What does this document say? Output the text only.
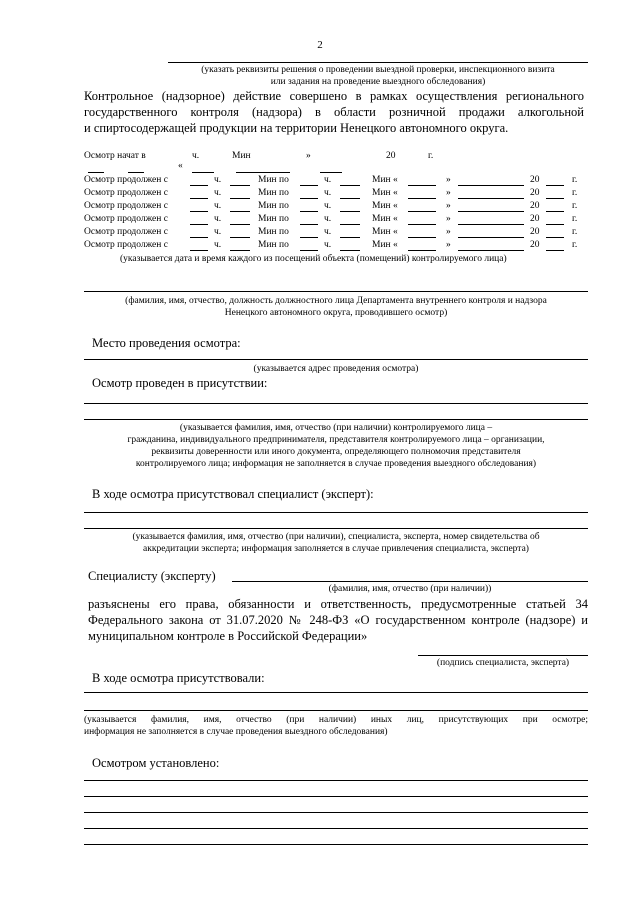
2
(указать реквизиты решения о проведении выездной проверки, инспекционного визита
или задания на проведение выездного обследования)
Контрольное (надзорное) действие совершено в рамках осуществления регионального
государственного контроля (надзора) в области розничной продажи алкогольной
и спиртосодержащей продукции на территории Ненецкого автономного округа.
Осмотр начат в	ч.	Мин	»	20	г.
«
Осмотр продолжен с	ч.	Мин по	ч.	Мин «	»	20	г.
Осмотр продолжен с	ч.	Мин по	ч.	Мин «	»	20	г.
Осмотр продолжен с	ч.	Мин по	ч.	Мин «	»	20	г.
Осмотр продолжен с	ч.	Мин по	ч.	Мин «	»	20	г.
Осмотр продолжен с	ч.	Мин по	ч.	Мин «	»	20	г.
Осмотр продолжен с	ч.	Мин по	ч.	Мин «	»	20	г.
(указывается дата и время каждого из посещений объекта (помещений) контролируемого лица)
(фамилия, имя, отчество, должность должностного лица Департамента внутреннего контроля и надзора
Ненецкого автономного округа, проводившего осмотр)
Место проведения осмотра:
(указывается адрес проведения осмотра)
Осмотр проведен в присутствии:
(указывается фамилия, имя, отчество (при наличии) контролируемого лица –
гражданина, индивидуального предпринимателя, представителя контролируемого лица – организации,
реквизиты доверенности или иного документа, определяющего полномочия представителя
контролируемого лица; информация не заполняется в случае проведения выездного обследования)
В ходе осмотра присутствовал специалист (эксперт):
(указывается фамилия, имя, отчество (при наличии), специалиста, эксперта, номер свидетельства об
аккредитации эксперта; информация заполняется в случае привлечения специалиста, эксперта)
Специалисту (эксперту)
(фамилия, имя, отчество (при наличии))
разъяснены его права, обязанности и ответственность, предусмотренные статьей 34
Федерального закона от 31.07.2020 № 248-ФЗ «О государственном контроле (надзоре) и
муниципальном контроле в Российской Федерации»
(подпись специалиста, эксперта)
В ходе осмотра присутствовали:
(указывается фамилия, имя, отчество (при наличии) иных лиц, присутствующих при осмотре;
информация не заполняется в случае проведения выездного обследования)
Осмотром установлено:
